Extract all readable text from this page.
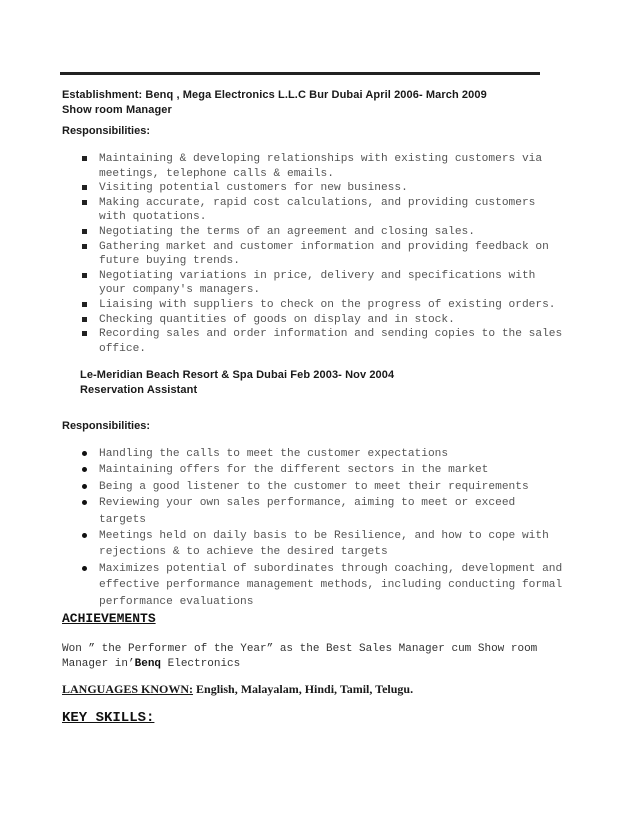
Establishment: Benq , Mega Electronics L.L.C Bur Dubai April 2006- March 2009
Show room Manager
Responsibilities:
Maintaining & developing relationships with existing customers via
meetings, telephone calls & emails.
Visiting potential customers for new business.
Making accurate, rapid cost calculations, and providing customers
with quotations.
Negotiating the terms of an agreement and closing sales.
Gathering market and customer information and providing feedback on
future buying trends.
Negotiating variations in price, delivery and specifications with
your company's managers.
Liaising with suppliers to check on the progress of existing orders.
Checking quantities of goods on display and in stock.
Recording sales and order information and sending copies to the sales
office.
Le-Meridian Beach Resort & Spa Dubai Feb 2003- Nov 2004
Reservation Assistant
Responsibilities:
Handling the calls to meet the customer expectations
Maintaining offers for the different sectors in the market
Being a good listener to the customer to meet their requirements
Reviewing your own sales performance, aiming to meet or exceed
targets
Meetings held on daily basis to be Resilience, and how to cope with
rejections & to achieve the desired targets
Maximizes potential of subordinates through coaching, development and
effective performance management methods, including conducting formal
performance evaluations
ACHIEVEMENTS
Won ” the Performer of the Year” as the Best Sales Manager cum Show room
Manager in’Benq Electronics
LANGUAGES KNOWN: English, Malayalam, Hindi, Tamil, Telugu.
KEY SKILLS:
